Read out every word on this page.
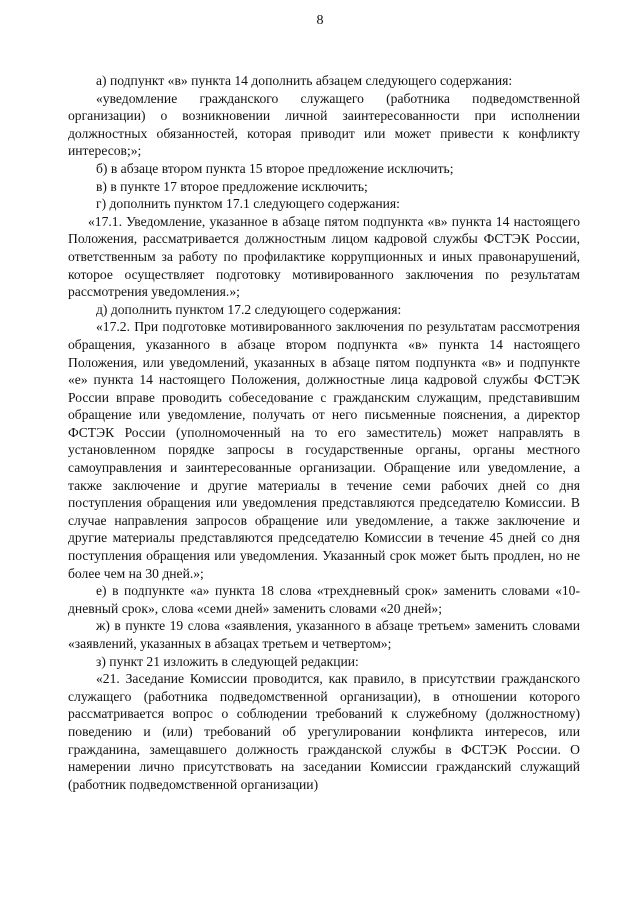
8

а) подпункт «в» пункта 14 дополнить абзацем следующего содержания:

«уведомление гражданского служащего (работника подведомственной организации) о возникновении личной заинтересованности при исполнении должностных обязанностей, которая приводит или может привести к конфликту интересов;»;

б) в абзаце втором пункта 15 второе предложение исключить;

в) в пункте 17 второе предложение исключить;

г) дополнить пунктом 17.1 следующего содержания:

«17.1. Уведомление, указанное в абзаце пятом подпункта «в» пункта 14 настоящего Положения, рассматривается должностным лицом кадровой службы ФСТЭК России, ответственным за работу по профилактике коррупционных и иных правонарушений, которое осуществляет подготовку мотивированного заключения по результатам рассмотрения уведомления.»;

д) дополнить пунктом 17.2 следующего содержания:

«17.2. При подготовке мотивированного заключения по результатам рассмотрения обращения, указанного в абзаце втором подпункта «в» пункта 14 настоящего Положения, или уведомлений, указанных в абзаце пятом подпункта «в» и подпункте «е» пункта 14 настоящего Положения, должностные лица кадровой службы ФСТЭК России вправе проводить собеседование с гражданским служащим, представившим обращение или уведомление, получать от него письменные пояснения, а директор ФСТЭК России (уполномоченный на то его заместитель) может направлять в установленном порядке запросы в государственные органы, органы местного самоуправления и заинтересованные организации. Обращение или уведомление, а также заключение и другие материалы в течение семи рабочих дней со дня поступления обращения или уведомления представляются председателю Комиссии. В случае направления запросов обращение или уведомление, а также заключение и другие материалы представляются председателю Комиссии в течение 45 дней со дня поступления обращения или уведомления. Указанный срок может быть продлен, но не более чем на 30 дней.»;

е) в подпункте «а» пункта 18 слова «трехдневный срок» заменить словами «10-дневный срок», слова «семи дней» заменить словами «20 дней»;

ж) в пункте 19 слова «заявления, указанного в абзаце третьем» заменить словами «заявлений, указанных в абзацах третьем и четвертом»;

з) пункт 21 изложить в следующей редакции:

«21. Заседание Комиссии проводится, как правило, в присутствии гражданского служащего (работника подведомственной организации), в отношении которого рассматривается вопрос о соблюдении требований к служебному (должностному) поведению и (или) требований об урегулировании конфликта интересов, или гражданина, замещавшего должность гражданской службы в ФСТЭК России. О намерении лично присутствовать на заседании Комиссии гражданский служащий (работник подведомственной организации)
